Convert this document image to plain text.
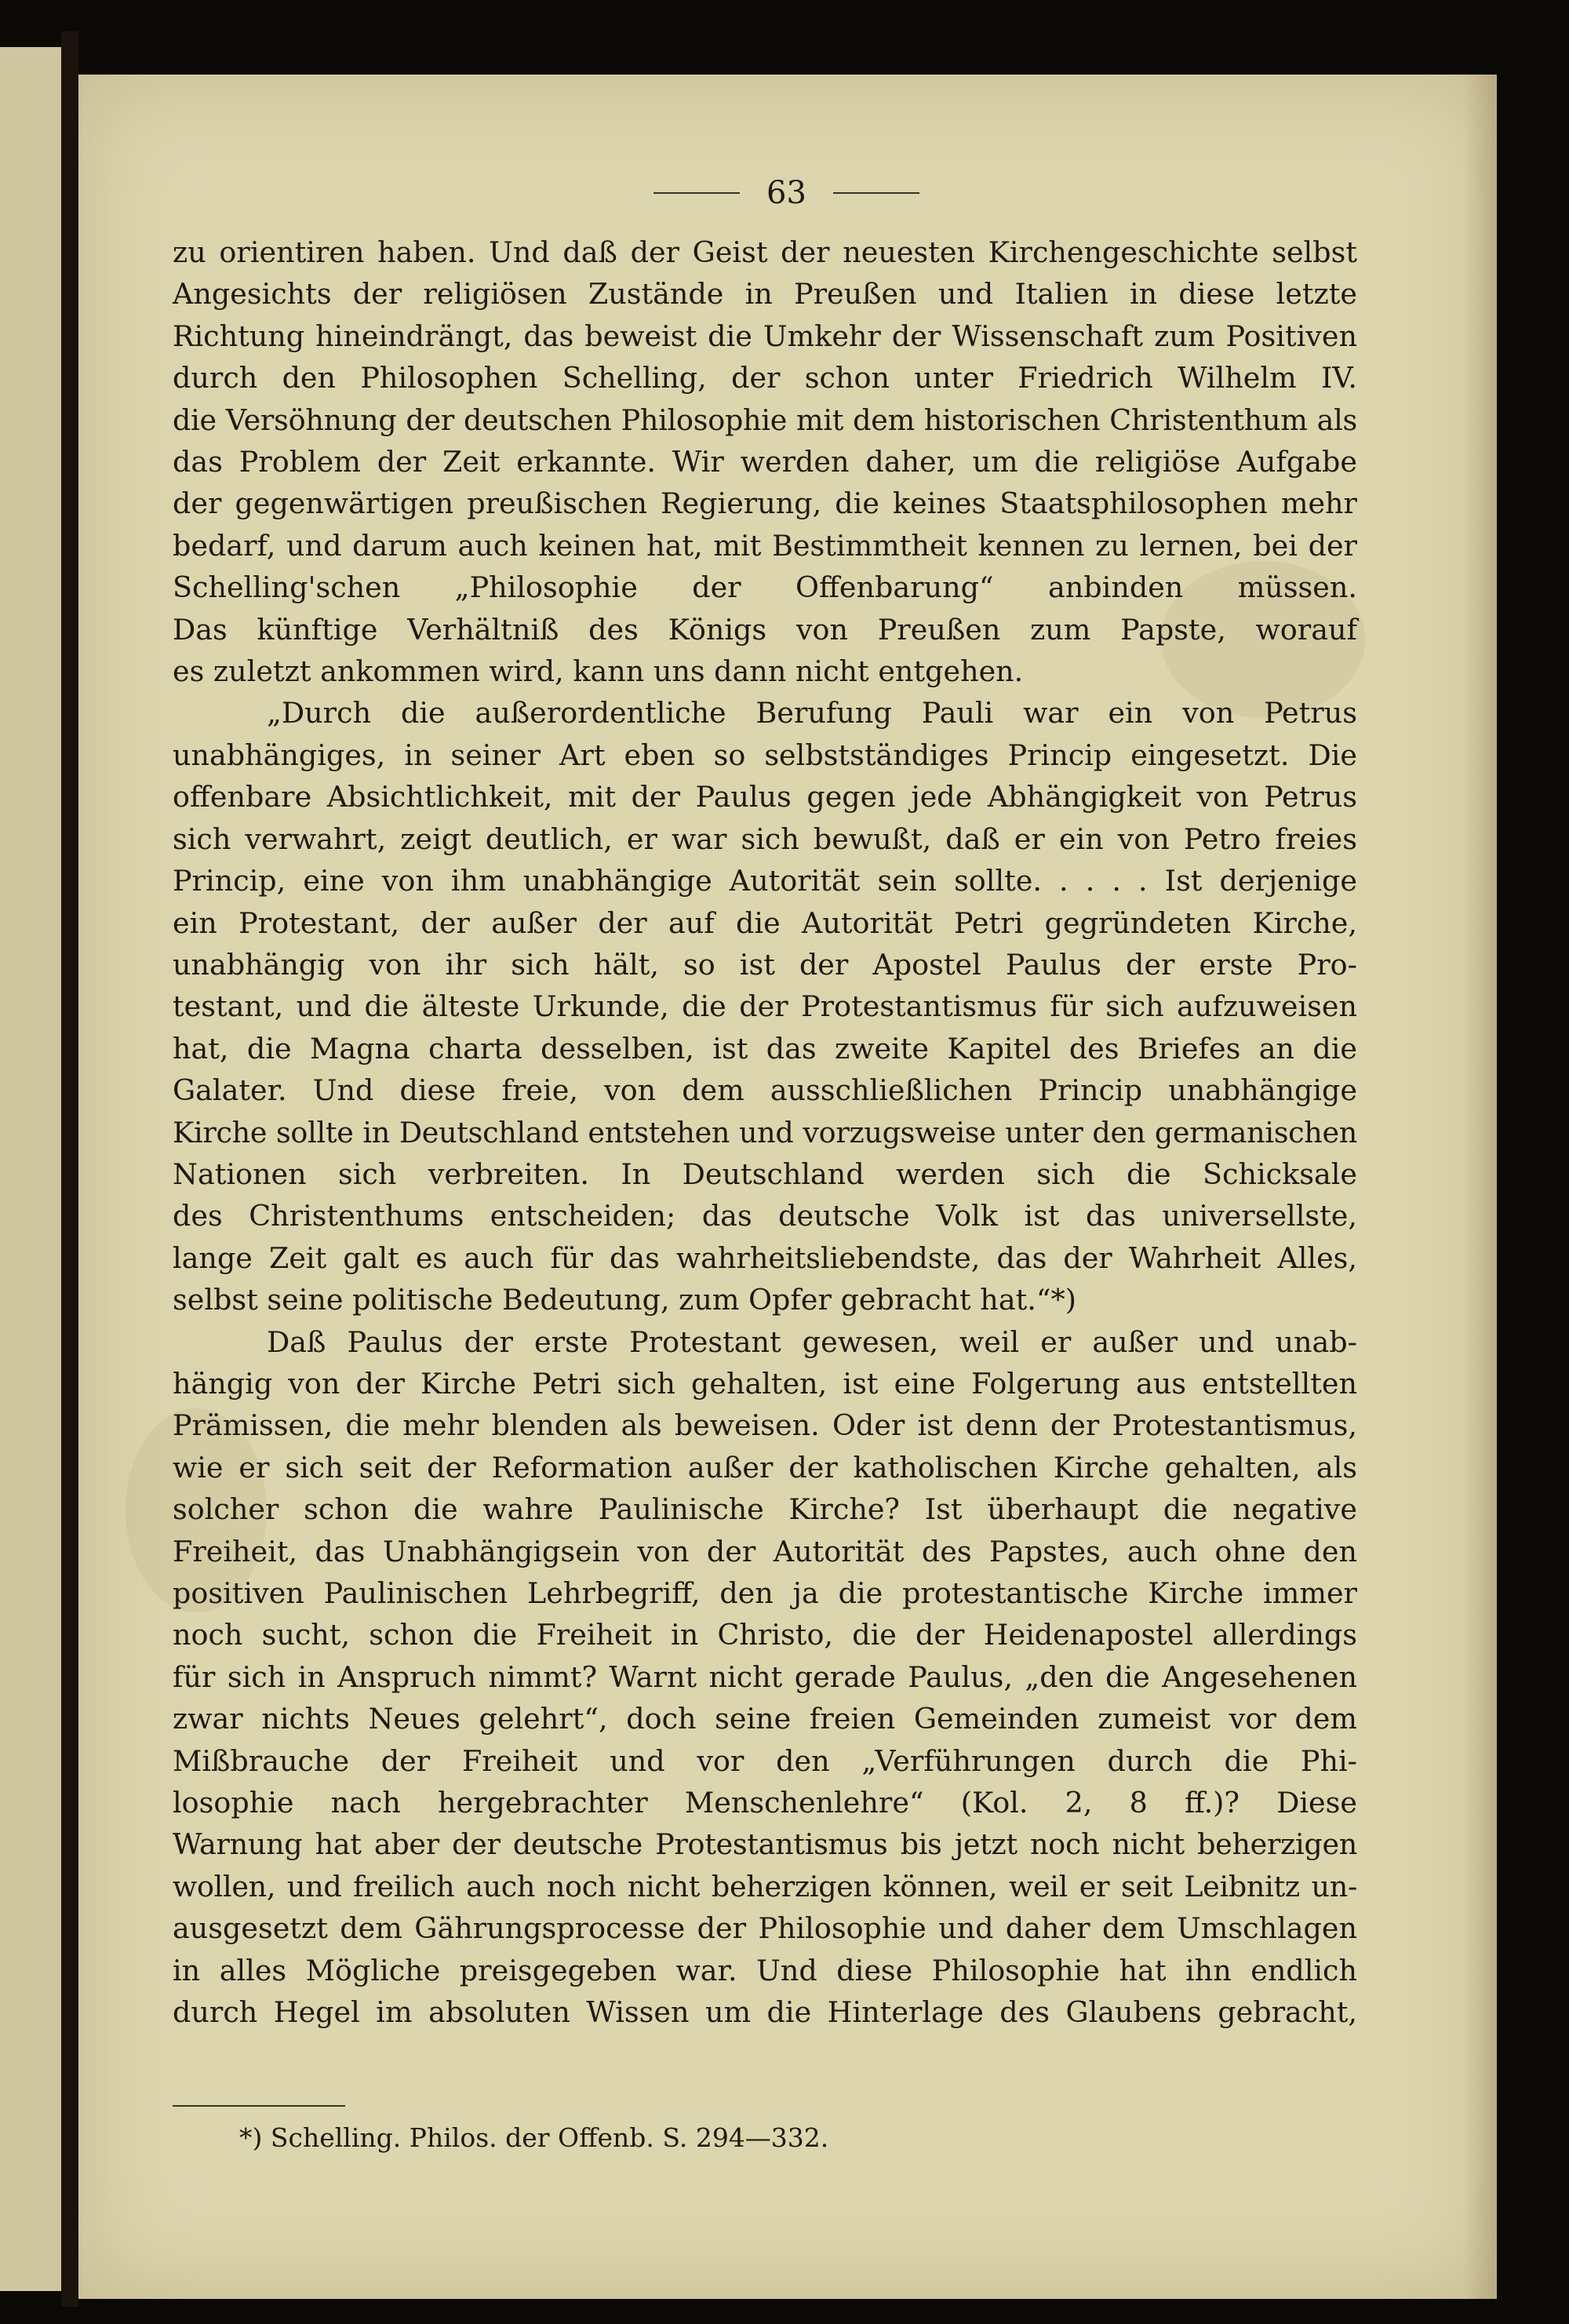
63
zu orientiren haben. Und daß der Geist der neuesten Kirchengeschichte selbst
Angesichts der religiösen Zustände in Preußen und Italien in diese letzte
Richtung hineindrängt, das beweist die Umkehr der Wissenschaft zum Positiven
durch den Philosophen Schelling, der schon unter Friedrich Wilhelm IV.
die Versöhnung der deutschen Philosophie mit dem historischen Christenthum als
das Problem der Zeit erkannte. Wir werden daher, um die religiöse Aufgabe
der gegenwärtigen preußischen Regierung, die keines Staatsphilosophen mehr
bedarf, und darum auch keinen hat, mit Bestimmtheit kennen zu lernen, bei der
Schelling'schen „Philosophie der Offenbarung“ anbinden müssen.
Das künftige Verhältniß des Königs von Preußen zum Papste, worauf
es zuletzt ankommen wird, kann uns dann nicht entgehen.
„Durch die außerordentliche Berufung Pauli war ein von Petrus
unabhängiges, in seiner Art eben so selbstständiges Princip eingesetzt. Die
offenbare Absichtlichkeit, mit der Paulus gegen jede Abhängigkeit von Petrus
sich verwahrt, zeigt deutlich, er war sich bewußt, daß er ein von Petro freies
Princip, eine von ihm unabhängige Autorität sein sollte. . . . . Ist derjenige
ein Protestant, der außer der auf die Autorität Petri gegründeten Kirche,
unabhängig von ihr sich hält, so ist der Apostel Paulus der erste Pro-
testant, und die älteste Urkunde, die der Protestantismus für sich aufzuweisen
hat, die Magna charta desselben, ist das zweite Kapitel des Briefes an die
Galater. Und diese freie, von dem ausschließlichen Princip unabhängige
Kirche sollte in Deutschland entstehen und vorzugsweise unter den germanischen
Nationen sich verbreiten. In Deutschland werden sich die Schicksale
des Christenthums entscheiden; das deutsche Volk ist das universellste,
lange Zeit galt es auch für das wahrheitsliebendste, das der Wahrheit Alles,
selbst seine politische Bedeutung, zum Opfer gebracht hat.“*)
Daß Paulus der erste Protestant gewesen, weil er außer und unab-
hängig von der Kirche Petri sich gehalten, ist eine Folgerung aus entstellten
Prämissen, die mehr blenden als beweisen. Oder ist denn der Protestantismus,
wie er sich seit der Reformation außer der katholischen Kirche gehalten, als
solcher schon die wahre Paulinische Kirche? Ist überhaupt die negative
Freiheit, das Unabhängigsein von der Autorität des Papstes, auch ohne den
positiven Paulinischen Lehrbegriff, den ja die protestantische Kirche immer
noch sucht, schon die Freiheit in Christo, die der Heidenapostel allerdings
für sich in Anspruch nimmt? Warnt nicht gerade Paulus, „den die Angesehenen
zwar nichts Neues gelehrt“, doch seine freien Gemeinden zumeist vor dem
Mißbrauche der Freiheit und vor den „Verführungen durch die Phi-
losophie nach hergebrachter Menschenlehre“ (Kol. 2, 8 ff.)? Diese
Warnung hat aber der deutsche Protestantismus bis jetzt noch nicht beherzigen
wollen, und freilich auch noch nicht beherzigen können, weil er seit Leibnitz un-
ausgesetzt dem Gährungsprocesse der Philosophie und daher dem Umschlagen
in alles Mögliche preisgegeben war. Und diese Philosophie hat ihn endlich
durch Hegel im absoluten Wissen um die Hinterlage des Glaubens gebracht,
*) Schelling. Philos. der Offenb. S. 294—332.
